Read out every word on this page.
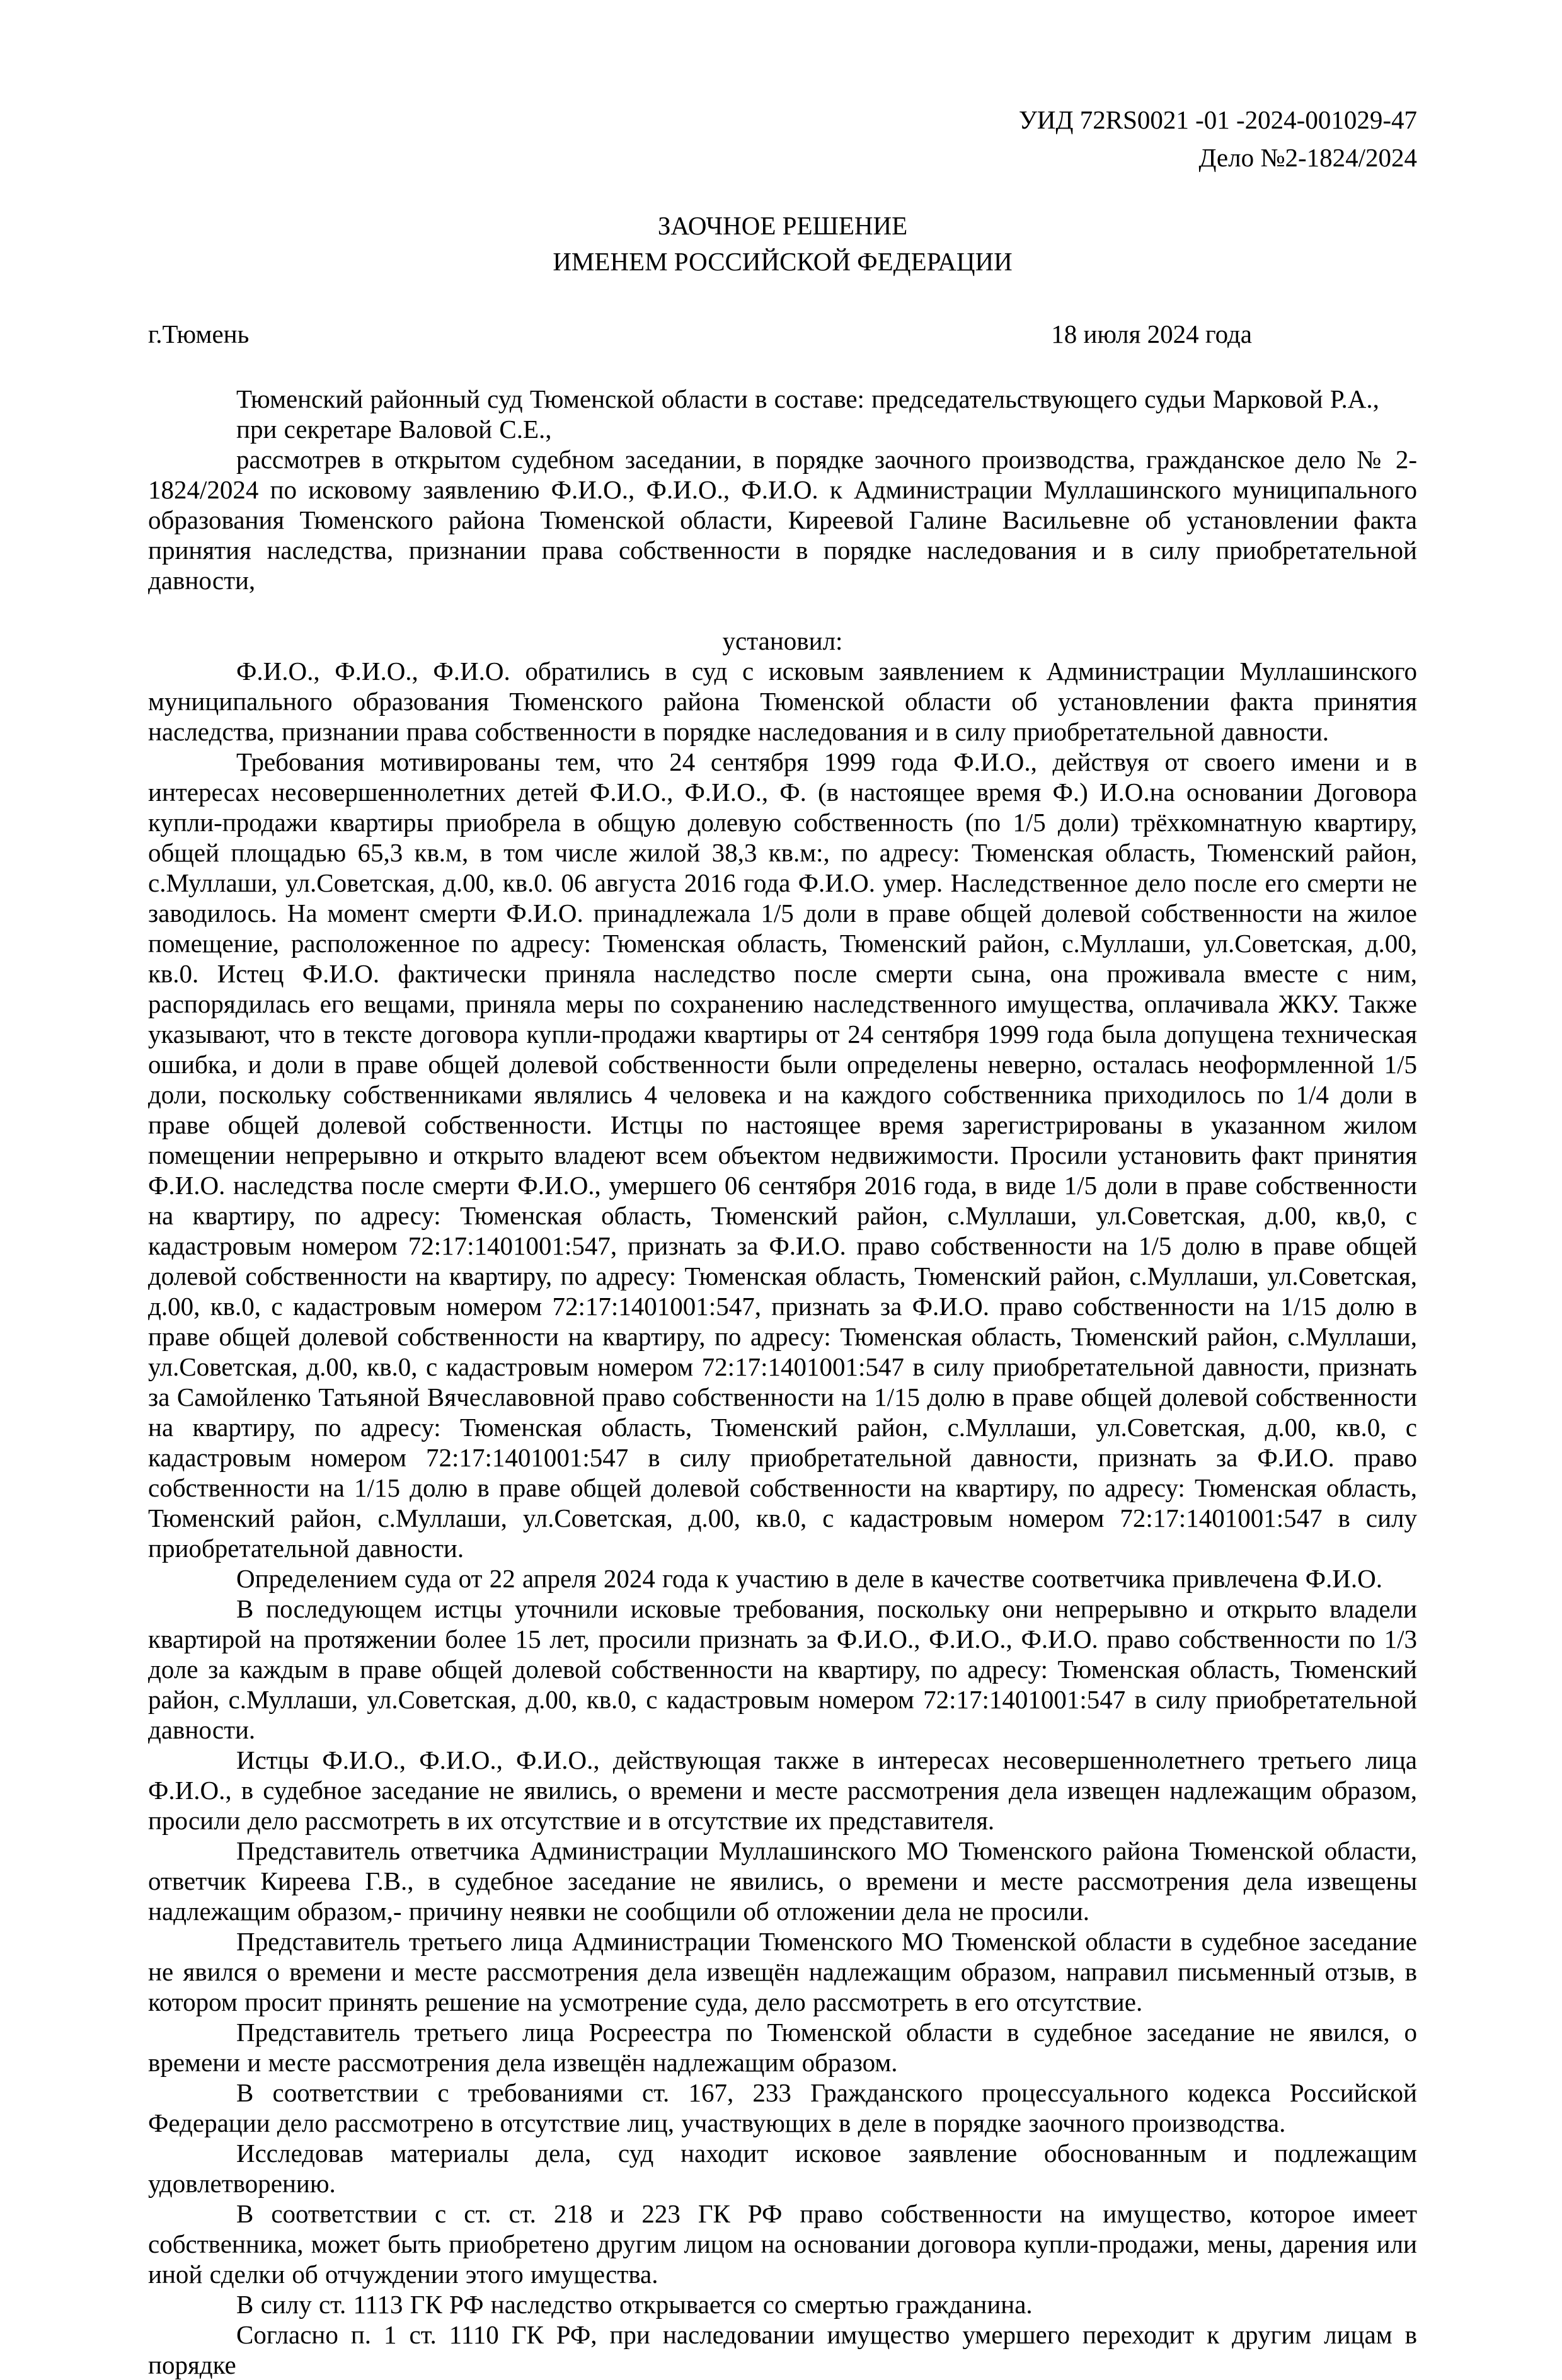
УИД 72RS0021 -01 -2024-001029-47
Дело №2-1824/2024
ЗАОЧНОЕ РЕШЕНИЕ
ИМЕНЕМ РОССИЙСКОЙ ФЕДЕРАЦИИ
г.Тюмень	18 июля 2024 года

Тюменский районный суд Тюменской области в составе: председательствующего судьи Марковой Р.А.,

при секретаре Валовой С.Е.,

рассмотрев в открытом судебном заседании, в порядке заочного производства, гражданское дело № 2-1824/2024 по исковому заявлению Ф.И.О., Ф.И.О., Ф.И.О. к Администрации Муллашинского муниципального образования Тюменского района Тюменской области, Киреевой Галине Васильевне об установлении факта принятия наследства, признании права собственности в порядке наследования и в силу приобретательной давности,

установил:

Ф.И.О., Ф.И.О., Ф.И.О. обратились в суд с исковым заявлением к Администрации Муллашинского муниципального образования Тюменского района Тюменской области об установлении факта принятия наследства, признании права собственности в порядке наследования и в силу приобретательной давности.

Требования мотивированы тем, что 24 сентября 1999 года Ф.И.О., действуя от своего имени и в интересах несовершеннолетних детей Ф.И.О., Ф.И.О., Ф. (в настоящее время Ф.) И.О.на основании Договора купли-продажи квартиры приобрела в общую долевую собственность (по 1/5 доли) трёхкомнатную квартиру, общей площадью 65,3 кв.м, в том числе жилой 38,3 кв.м:, по адресу: Тюменская область, Тюменский район, с.Муллаши, ул.Советская, д.00, кв.0. 06 августа 2016 года Ф.И.О. умер. Наследственное дело после его смерти не заводилось. На момент смерти Ф.И.О. принадлежала 1/5 доли в праве общей долевой собственности на жилое помещение, расположенное по адресу: Тюменская область, Тюменский район, с.Муллаши, ул.Советская, д.00, кв.0. Истец Ф.И.О. фактически приняла наследство после смерти сына, она проживала вместе с ним, распорядилась его вещами, приняла меры по сохранению наследственного имущества, оплачивала ЖКУ. Также указывают, что в тексте договора купли-продажи квартиры от 24 сентября 1999 года была допущена техническая ошибка, и доли в праве общей долевой собственности были определены неверно, осталась неоформленной 1/5 доли, поскольку собственниками являлись 4 человека и на каждого собственника приходилось по 1/4 доли в праве общей долевой собственности. Истцы по настоящее время зарегистрированы в указанном жилом помещении непрерывно и открыто владеют всем объектом недвижимости. Просили установить факт принятия Ф.И.О. наследства после смерти Ф.И.О., умершего 06 сентября 2016 года, в виде 1/5 доли в праве собственности на квартиру, по адресу: Тюменская область, Тюменский район, с.Муллаши, ул.Советская, д.00, кв,0, с кадастровым номером 72:17:1401001:547, признать за Ф.И.О. право собственности на 1/5 долю в праве общей долевой собственности на квартиру, по адресу: Тюменская область, Тюменский район, с.Муллаши, ул.Советская, д.00, кв.0, с кадастровым номером 72:17:1401001:547, признать за Ф.И.О. право собственности на 1/15 долю в праве общей долевой собственности на квартиру, по адресу: Тюменская область, Тюменский район, с.Муллаши, ул.Советская, д.00, кв.0, с кадастровым номером 72:17:1401001:547 в силу приобретательной давности, признать за Самойленко Татьяной Вячеславовной право собственности на 1/15 долю в праве общей долевой собственности на квартиру, по адресу: Тюменская область, Тюменский район, с.Муллаши, ул.Советская, д.00, кв.0, с кадастровым номером 72:17:1401001:547 в силу приобретательной давности, признать за Ф.И.О. право собственности на 1/15 долю в праве общей долевой собственности на квартиру, по адресу: Тюменская область, Тюменский район, с.Муллаши, ул.Советская, д.00, кв.0, с кадастровым номером 72:17:1401001:547 в силу приобретательной давности.

Определением суда от 22 апреля 2024 года к участию в деле в качестве соответчика привлечена Ф.И.О.

В последующем истцы уточнили исковые требования, поскольку они непрерывно и открыто владели квартирой на протяжении более 15 лет, просили признать за Ф.И.О., Ф.И.О., Ф.И.О. право собственности по 1/3 доле за каждым в праве общей долевой собственности на квартиру, по адресу: Тюменская область, Тюменский район, с.Муллаши, ул.Советская, д.00, кв.0, с кадастровым номером 72:17:1401001:547 в силу приобретательной давности.

Истцы Ф.И.О., Ф.И.О., Ф.И.О., действующая также в интересах несовершеннолетнего третьего лица Ф.И.О., в судебное заседание не явились, о времени и месте рассмотрения дела извещен надлежащим образом, просили дело рассмотреть в их отсутствие и в отсутствие их представителя.

Представитель ответчика Администрации Муллашинского МО Тюменского района Тюменской области, ответчик Киреева Г.В., в судебное заседание не явились, о времени и месте рассмотрения дела извещены надлежащим образом,- причину неявки не сообщили об отложении дела не просили.

Представитель третьего лица Администрации Тюменского МО Тюменской области в судебное заседание не явился о времени и месте рассмотрения дела извещён надлежащим образом, направил письменный отзыв, в котором просит принять решение на усмотрение суда, дело рассмотреть в его отсутствие.

Представитель третьего лица Росреестра по Тюменской области в судебное заседание не явился, о времени и месте рассмотрения дела извещён надлежащим образом.

В соответствии с требованиями ст. 167, 233 Гражданского процессуального кодекса Российской Федерации дело рассмотрено в отсутствие лиц, участвующих в деле в порядке заочного производства.

Исследовав материалы дела, суд находит исковое заявление обоснованным и подлежащим удовлетворению.

В соответствии с ст. ст. 218 и 223 ГК РФ право собственности на имущество, которое имеет собственника, может быть приобретено другим лицом на основании договора купли-продажи, мены, дарения или иной сделки об отчуждении этого имущества.

В силу ст. 1113 ГК РФ наследство открывается со смертью гражданина.

Согласно п. 1 ст. 1110 ГК РФ, при наследовании имущество умершего переходит к другим лицам в порядке
